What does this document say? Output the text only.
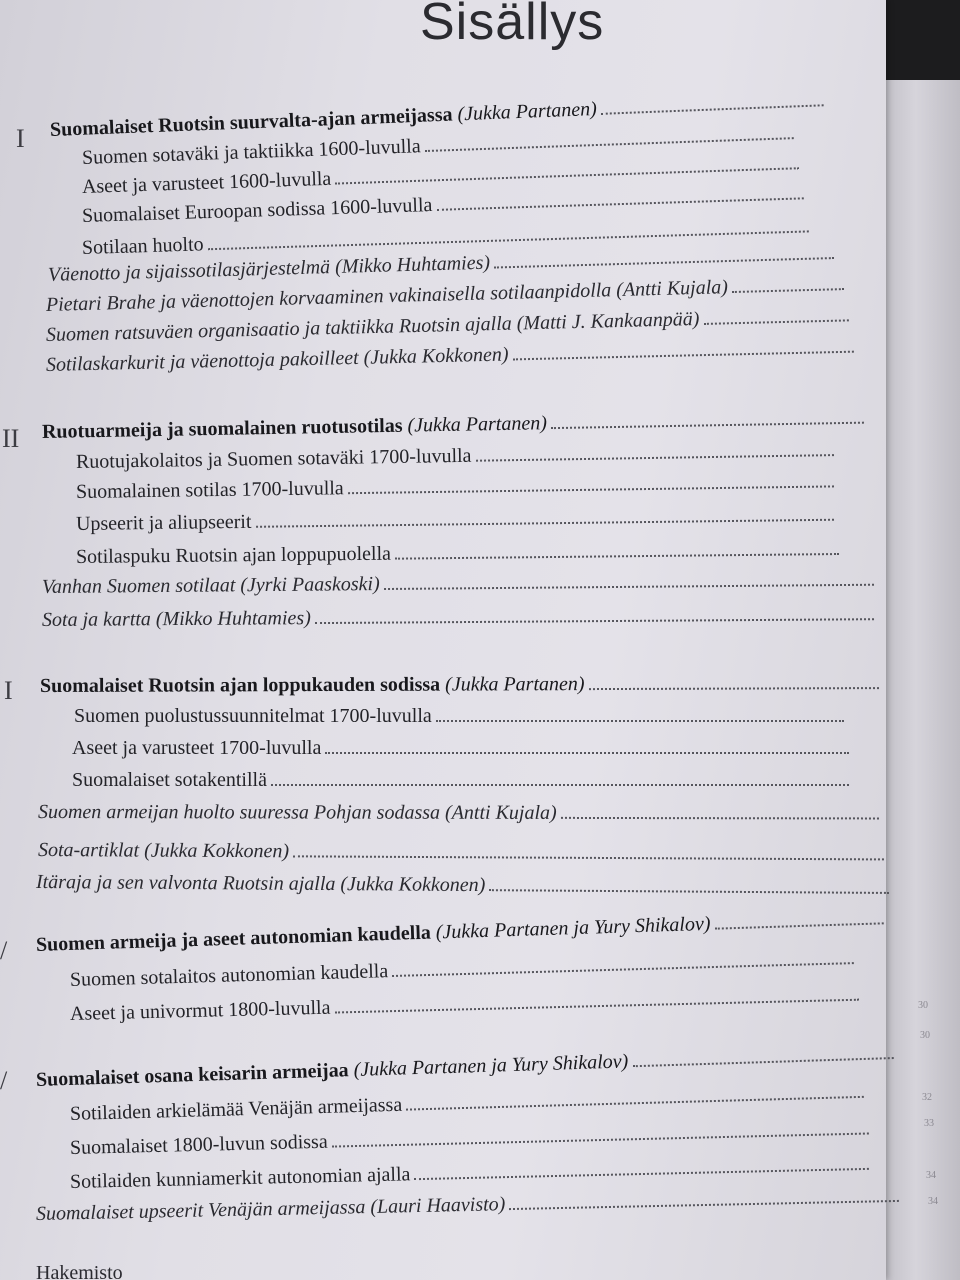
Sisällys
Suomalaiset Ruotsin suurvalta-ajan armeijassa (Jukka Partanen)
Suomen sotaväki ja taktiikka 1600-luvulla
Aseet ja varusteet 1600-luvulla
Suomalaiset Euroopan sodissa 1600-luvulla
Sotilaan huolto
Väenotto ja sijaissotilasjärjestelmä (Mikko Huhtamies)
Pietari Brahe ja väenottojen korvaaminen vakinaisella sotilaanpidolla (Antti Kujala)
Suomen ratsuväen organisaatio ja taktiikka Ruotsin ajalla (Matti J. Kankaanpää)
Sotilaskarkurit ja väenottoja pakoilleet (Jukka Kokkonen)
Ruotuarmeija ja suomalainen ruotusotilas (Jukka Partanen)
Ruotujakolaitos ja Suomen sotaväki 1700-luvulla
Suomalainen sotilas 1700-luvulla
Upseerit ja aliupseerit
Sotilaspuku Ruotsin ajan loppupuolella
Vanhan Suomen sotilaat (Jyrki Paaskoski)
Sota ja kartta (Mikko Huhtamies)
Suomalaiset Ruotsin ajan loppukauden sodissa (Jukka Partanen)
Suomen puolustussuunnitelmat 1700-luvulla
Aseet ja varusteet 1700-luvulla
Suomalaiset sotakentillä
Suomen armeijan huolto suuressa Pohjan sodassa (Antti Kujala)
Sota-artiklat (Jukka Kokkonen)
Itäraja ja sen valvonta Ruotsin ajalla (Jukka Kokkonen)
Suomen armeija ja aseet autonomian kaudella (Jukka Partanen ja Yury Shikalov)
Suomen sotalaitos autonomian kaudella
Aseet ja univormut 1800-luvulla
Suomalaiset osana keisarin armeijaa (Jukka Partanen ja Yury Shikalov)
Sotilaiden arkielämää Venäjän armeijassa
Suomalaiset 1800-luvun sodissa
Sotilaiden kunniamerkit autonomian ajalla
Suomalaiset upseerit Venäjän armeijassa (Lauri Haavisto)
I
II
I
/
/
30
30
32
33
34
34
Hakemisto
